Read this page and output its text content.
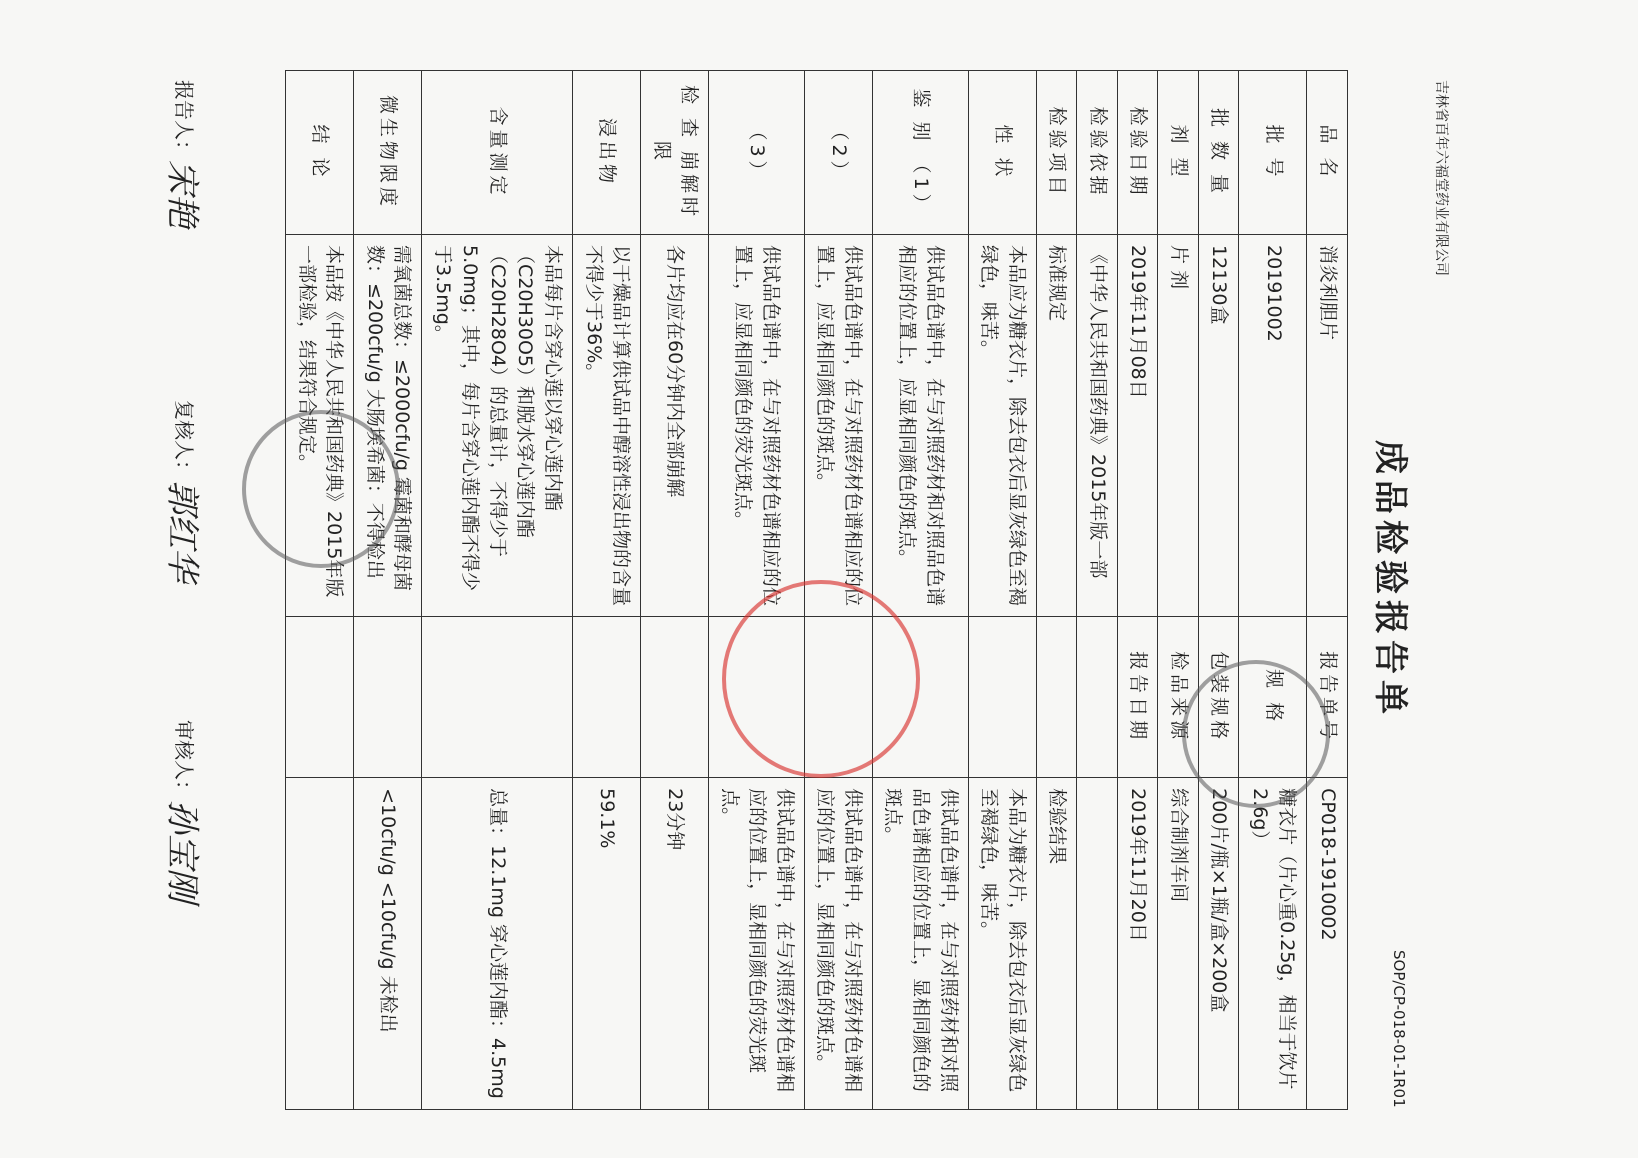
吉林省百年六福堂药业有限公司
成品检验报告单
SOP/CP-018-01-1R01
品 名	消炎利胆片	报告单号	CP018-1910002
批 号	20191002	规 格	糖衣片（片心重0.25g，相当于饮片2.6g）
批 数 量	12130盒	包装规格	200片/瓶×1瓶/盒×200盒
剂 型	片 剂	检品来源	综合制剂车间
检验日期	2019年11月08日	报告日期	2019年11月20日
检验依据	《中华人民共和国药典》2015年版一部		
检验项目	标准规定		检验结果
性 状	本品应为糖衣片，除去包衣后显灰绿色至褐绿色，味苦。		本品为糖衣片，除去包衣后显灰绿色至褐绿色，味苦。
鉴 别 （1）	供试品色谱中，在与对照药材和对照品色谱相应的位置上，应显相同颜色的斑点。		供试品色谱中，在与对照药材和对照品色谱相应的位置上，显相同颜色的斑点。
（2）	供试品色谱中，在与对照药材色谱相应的位置上，应显相同颜色的斑点。		供试品色谱中，在与对照药材色谱相应的位置上，显相同颜色的斑点。
（3）	供试品色谱中，在与对照药材色谱相应的位置上，应显相同颜色的荧光斑点。		供试品色谱中，在与对照药材色谱相应的位置上，显相同颜色的荧光斑点。
检 查 崩解时限	各片均应在60分钟内全部崩解		23分钟
浸出物	以干燥品计算供试品中醇溶性浸出物的含量不得少于36%。		59.1%
含量测定	本品每片含穿心莲以穿心莲内酯（C20H30O5）和脱水穿心莲内酯（C20H28O4）的总量计，不得少于5.0mg；其中，每片含穿心莲内酯不得少于3.5mg。		总量：12.1mg 穿心莲内酯：4.5mg
微生物限度	需氧菌总数：≤2000cfu/g 霉菌和酵母菌数：≤200cfu/g 大肠埃希菌：不得检出		<10cfu/g <10cfu/g 未检出
结 论	本品按《中华人民共和国药典》2015年版一部检验，结果符合规定。		
报告人：
宋艳
复核人：
郭红华
审核人：
孙宝刚
